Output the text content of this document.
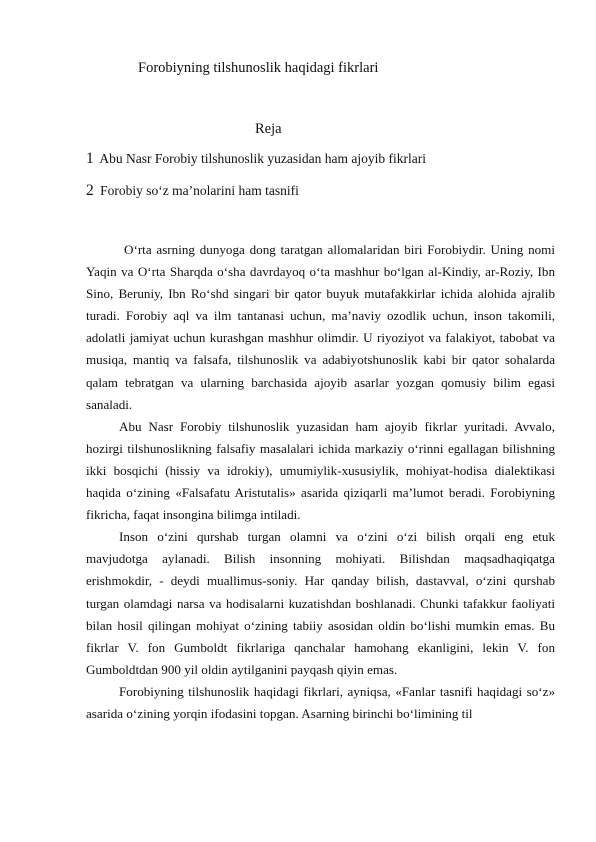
Forobiyning tilshunoslik haqidagi fikrlari
Reja
1 Abu Nasr Forobiy tilshunoslik yuzasidan ham ajoyib fikrlari
2 Forobiy so‘z ma’nolarini ham tasnifi

O‘rta asrning dunyoga dong taratgan allomalaridan biri Forobiydir. Uning nomi Yaqin va O‘rta Sharqda o‘sha davrdayoq o‘ta mashhur bo‘lgan al-Kindiy, ar-Roziy, Ibn Sino, Beruniy, Ibn Ro‘shd singari bir qator buyuk mutafakkirlar ichida alohida ajralib turadi. Forobiy aql va ilm tantanasi uchun, ma’naviy ozodlik uchun, inson takomili, adolatli jamiyat uchun kurashgan mashhur olimdir. U riyoziyot va falakiyot, tabobat va musiqa, mantiq va falsafa, tilshunoslik va adabiyotshunoslik kabi bir qator sohalarda qalam tebratgan va ularning barchasida ajoyib asarlar yozgan qomusiy bilim egasi sanaladi.

Abu Nasr Forobiy tilshunoslik yuzasidan ham ajoyib fikrlar yuritadi. Avvalo, hozirgi tilshunoslikning falsafiy masalalari ichida markaziy o‘rinni egallagan bilishning ikki bosqichi (hissiy va idrokiy), umumiylik-xususiylik, mohiyat-hodisa dialektikasi haqida o‘zining «Falsafatu Aristutalis» asarida qiziqarli ma’lumot beradi. Forobiyning fikricha, faqat insongina bilimga intiladi.

Inson o‘zini qurshab turgan olamni va o‘zini o‘zi bilish orqali eng etuk mavjudotga aylanadi. Bilish insonning mohiyati. Bilishdan maqsadhaqiqatga erishmokdir, - deydi muallimus-soniy. Har qanday bilish, dastavval, o‘zini qurshab turgan olamdagi narsa va hodisalarni kuzatishdan boshlanadi. Chunki tafakkur faoliyati bilan hosil qilingan mohiyat o‘zining tabiiy asosidan oldin bo‘lishi mumkin emas. Bu fikrlar V. fon Gumboldt fikrlariga qanchalar hamohang ekanligini, lekin V. fon Gumboldtdan 900 yil oldin aytilganini payqash qiyin emas.

Forobiyning tilshunoslik haqidagi fikrlari, ayniqsa, «Fanlar tasnifi haqidagi so‘z» asarida o‘zining yorqin ifodasini topgan. Asarning birinchi bo‘limining til
